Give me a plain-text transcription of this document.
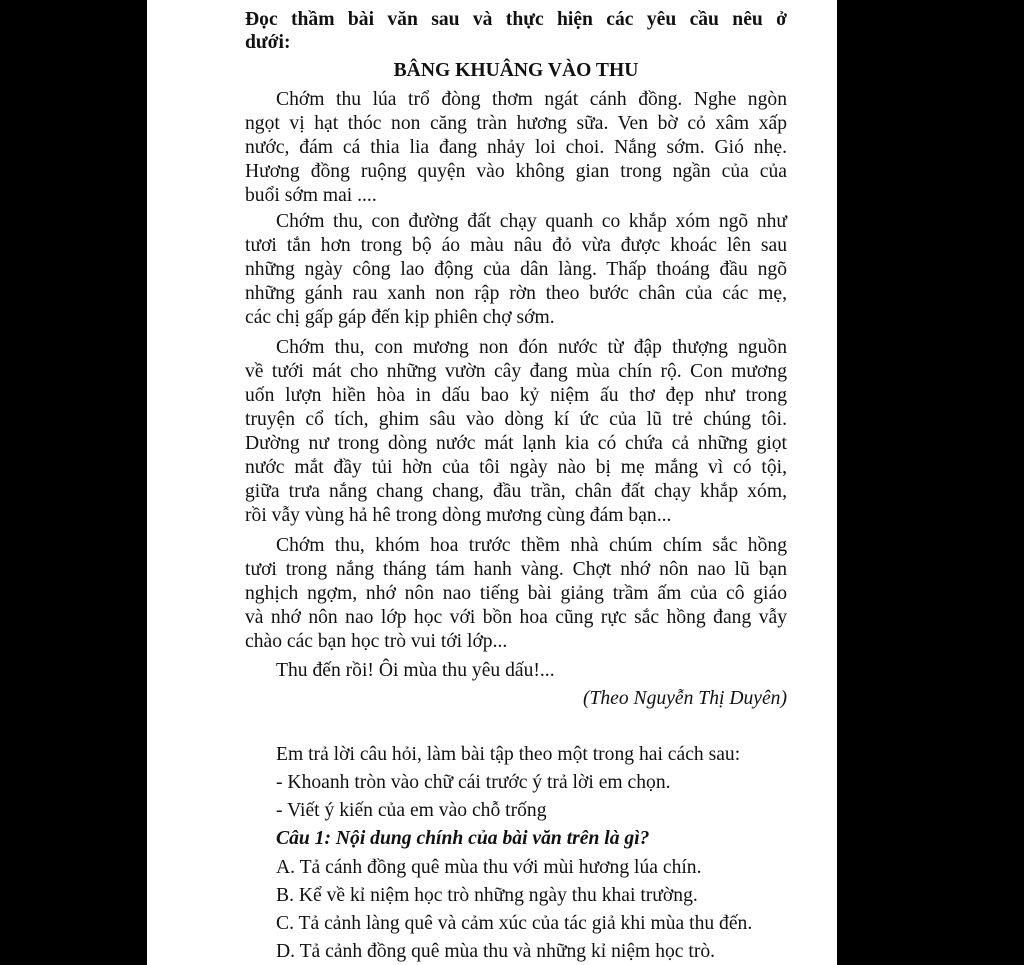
Đọc thầm bài văn sau và thực hiện các yêu cầu nêu ở
dưới:
BÂNG KHUÂNG VÀO THU
Chớm thu lúa trổ đòng thơm ngát cánh đồng. Nghe ngòn
ngọt vị hạt thóc non căng tràn hương sữa. Ven bờ cỏ xâm xấp
nước, đám cá thia lia đang nhảy loi choi. Nắng sớm. Gió nhẹ.
Hương đồng ruộng quyện vào không gian trong ngần của của
buổi sớm mai ....
Chớm thu, con đường đất chạy quanh co khắp xóm ngõ như
tươi tắn hơn trong bộ áo màu nâu đỏ vừa được khoác lên sau
những ngày công lao động của dân làng. Thấp thoáng đầu ngõ
những gánh rau xanh non rập rờn theo bước chân của các mẹ,
các chị gấp gáp đến kịp phiên chợ sớm.
Chớm thu, con mương non đón nước từ đập thượng nguồn
về tưới mát cho những vườn cây đang mùa chín rộ. Con mương
uốn lượn hiền hòa in dấu bao kỷ niệm ấu thơ đẹp như trong
truyện cổ tích, ghim sâu vào dòng kí ức của lũ trẻ chúng tôi.
Dường nư trong dòng nước mát lạnh kia có chứa cả những giọt
nước mắt đầy tủi hờn của tôi ngày nào bị mẹ mắng vì có tội,
giữa trưa nắng chang chang, đầu trần, chân đất chạy khắp xóm,
rồi vẫy vùng hả hê trong dòng mương cùng đám bạn...
Chớm thu, khóm hoa trước thềm nhà chúm chím sắc hồng
tươi trong nắng tháng tám hanh vàng. Chợt nhớ nôn nao lũ bạn
nghịch ngợm, nhớ nôn nao tiếng bài giảng trầm ấm của cô giáo
và nhớ nôn nao lớp học với bồn hoa cũng rực sắc hồng đang vẫy
chào các bạn học trò vui tới lớp...
Thu đến rồi! Ôi mùa thu yêu dấu!...
(Theo Nguyễn Thị Duyên)
Em trả lời câu hỏi, làm bài tập theo một trong hai cách sau:
- Khoanh tròn vào chữ cái trước ý trả lời em chọn.
- Viết ý kiến của em vào chỗ trống
Câu 1: Nội dung chính của bài văn trên là gì?
A. Tả cánh đồng quê mùa thu với mùi hương lúa chín.
B. Kể về kỉ niệm học trò những ngày thu khai trường.
C. Tả cảnh làng quê và cảm xúc của tác giả khi mùa thu đến.
D. Tả cảnh đồng quê mùa thu và những kỉ niệm học trò.
